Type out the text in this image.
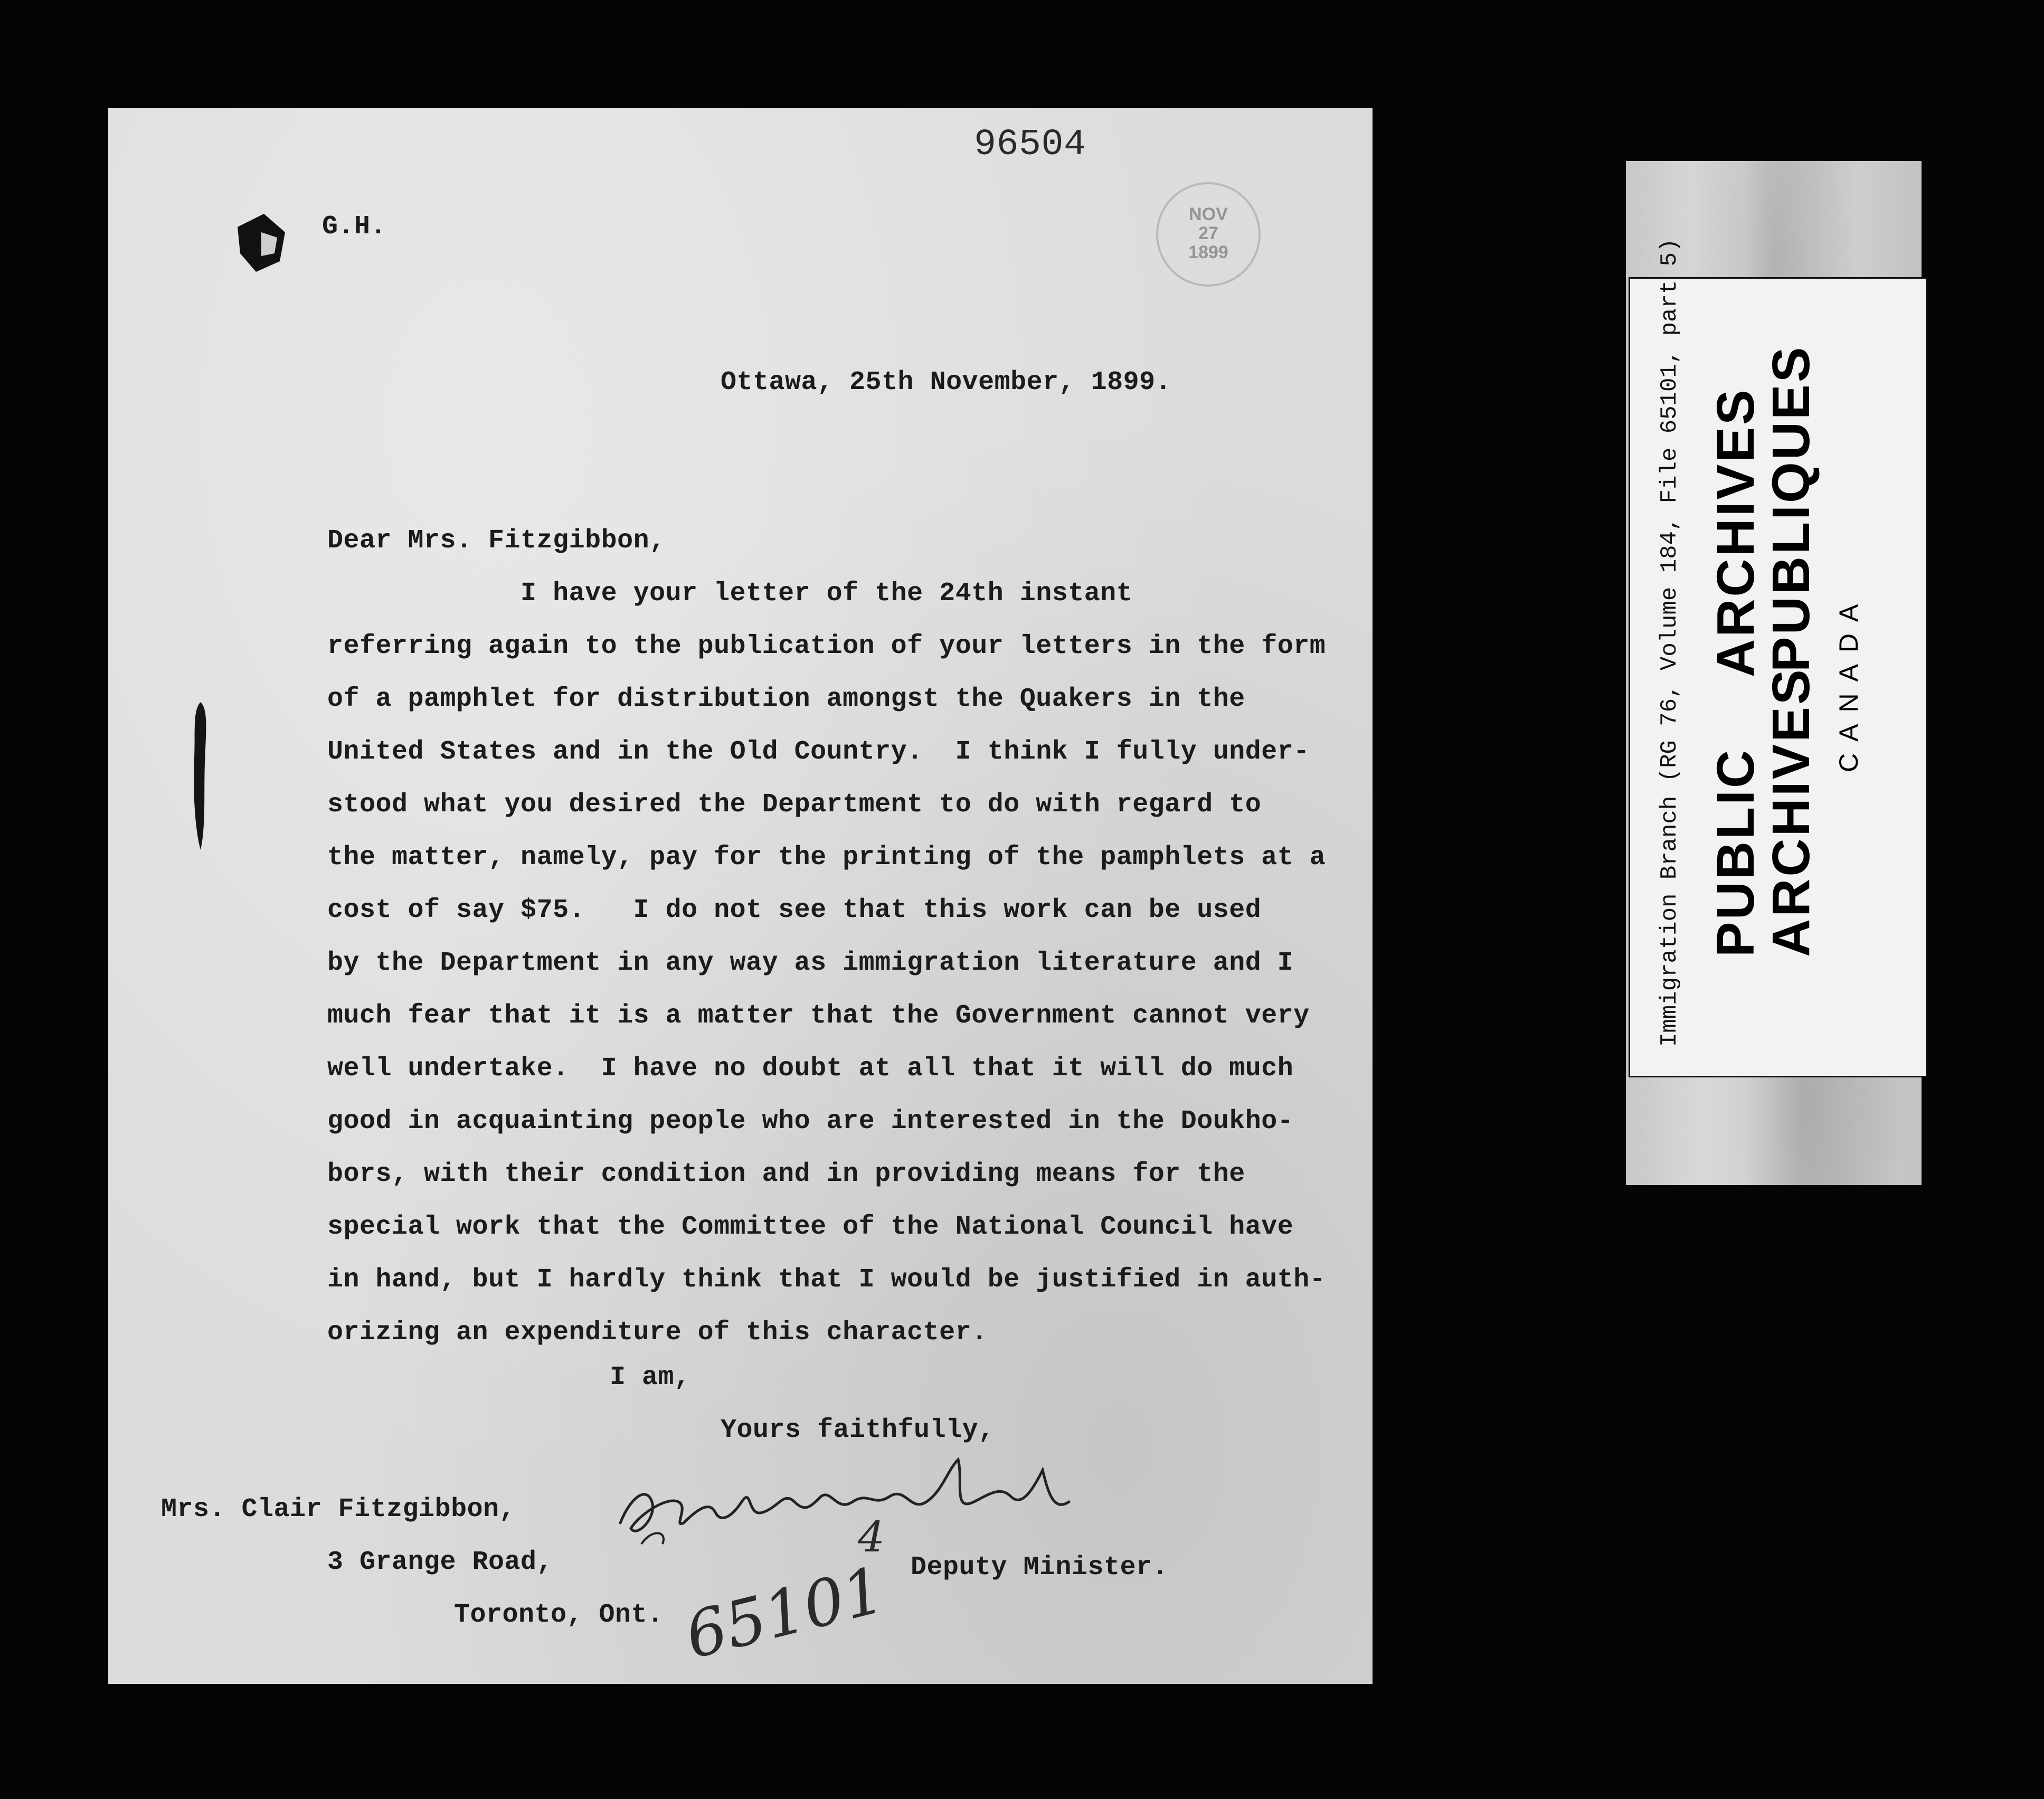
96504
NOV
27
1899
G.H.
Ottawa, 25th November, 1899.
Dear Mrs. Fitzgibbon,
I have your letter of the 24th instant
referring again to the publication of your letters in the form
of a pamphlet for distribution amongst the Quakers in the
United States and in the Old Country.  I think I fully under-
stood what you desired the Department to do with regard to
the matter, namely, pay for the printing of the pamphlets at a
cost of say $75.   I do not see that this work can be used
by the Department in any way as immigration literature and I
much fear that it is a matter that the Government cannot very
well undertake.  I have no doubt at all that it will do much
good in acquainting people who are interested in the Doukho-
bors, with their condition and in providing means for the
special work that the Committee of the National Council have
in hand, but I hardly think that I would be justified in auth-
orizing an expenditure of this character.
I am,
Yours faithfully,
Mrs. Clair Fitzgibbon,
3 Grange Road,
Toronto, Ont.
Deputy Minister.
4
65101
Immigration Branch (RG 76, Volume 184, File 65101, part 5) PUBLIC
ARCHIVES
ARCHIVES
PUBLIQUES
CANADA
